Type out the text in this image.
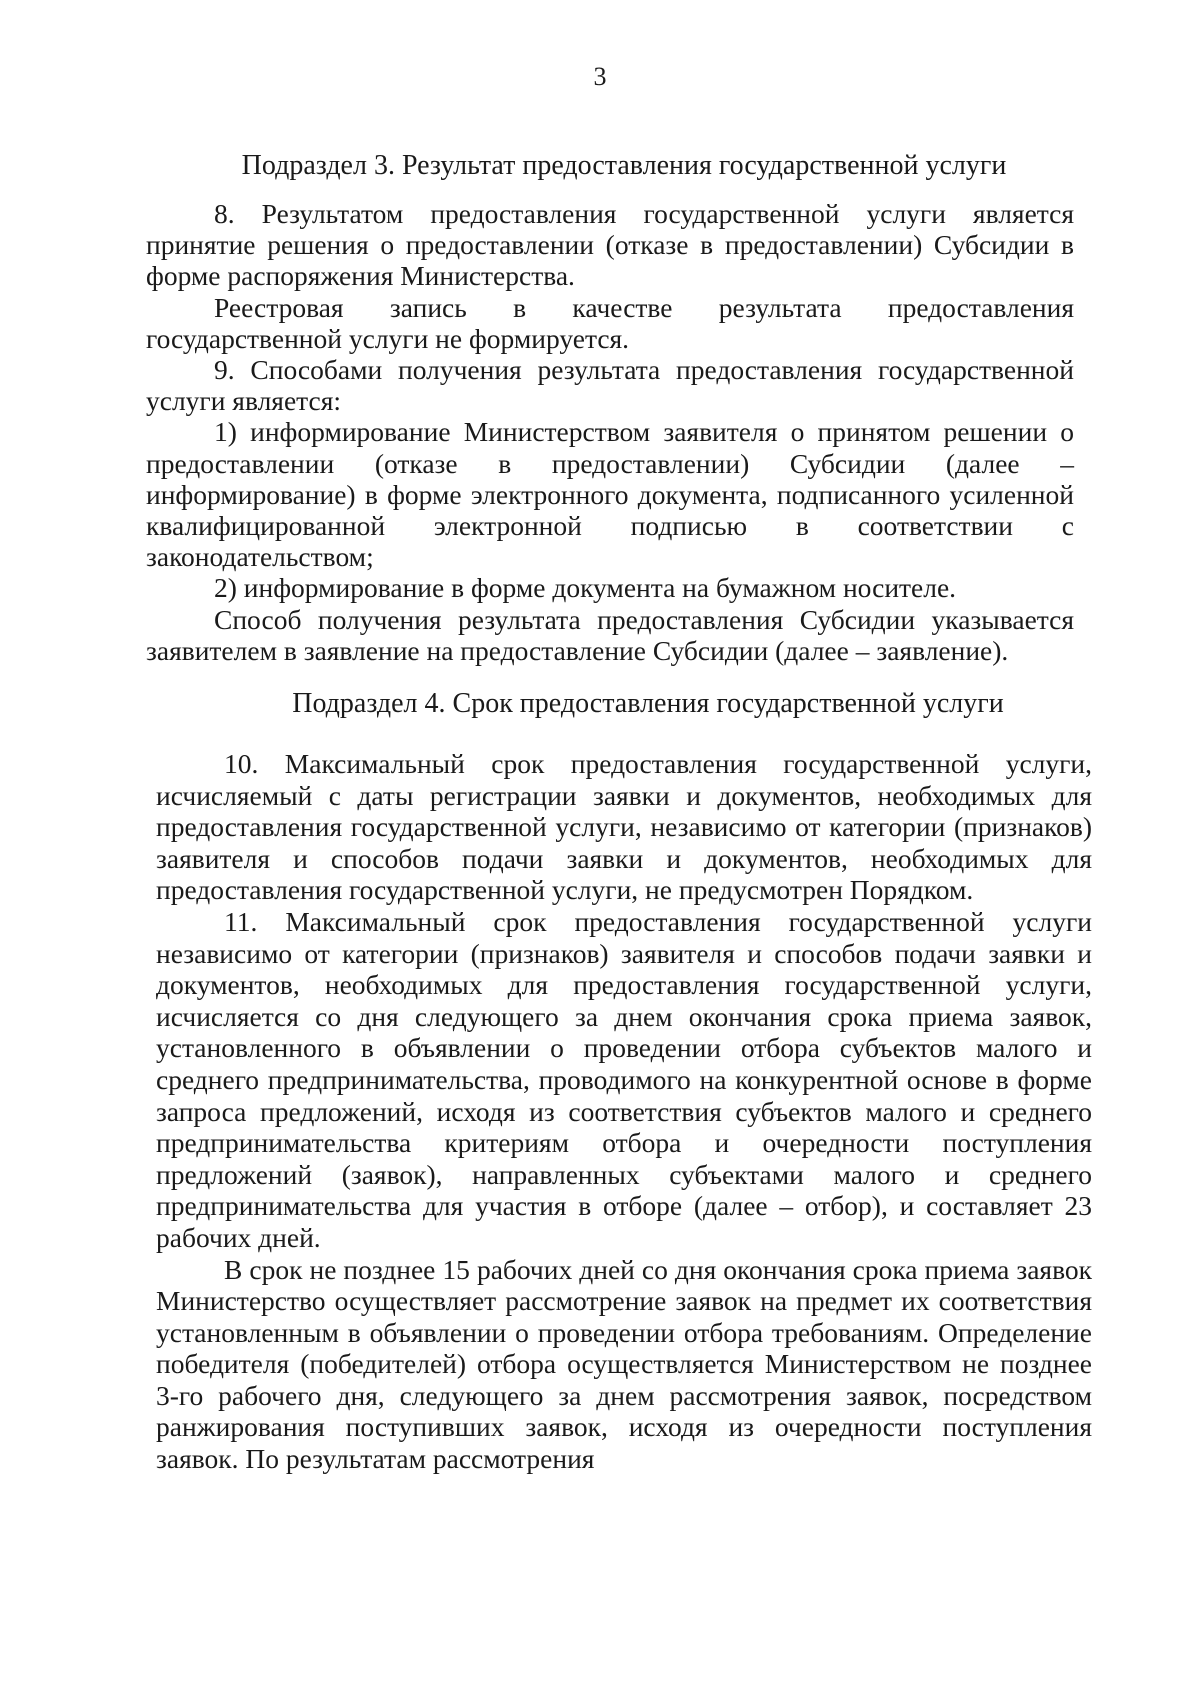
3
Подраздел 3. Результат предоставления государственной услуги

8. Результатом предоставления государственной услуги является принятие решения о предоставлении (отказе в предоставлении) Субсидии в форме распоряжения Министерства.

Реестровая запись в качестве результата предоставления государственной услуги не формируется.

9. Способами получения результата предоставления государственной услуги является:

1) информирование Министерством заявителя о принятом решении о предоставлении (отказе в предоставлении) Субсидии (далее – информирование) в форме электронного документа, подписанного усиленной квалифицированной электронной подписью в соответствии с законодательством;

2) информирование в форме документа на бумажном носителе.

Способ получения результата предоставления Субсидии указывается заявителем в заявление на предоставление Субсидии (далее – заявление).

Подраздел 4. Срок предоставления государственной услуги

10. Максимальный срок предоставления государственной услуги, исчисляемый с даты регистрации заявки и документов, необходимых для предоставления государственной услуги, независимо от категории (признаков) заявителя и способов подачи заявки и документов, необходимых для предоставления государственной услуги, не предусмотрен Порядком.

11. Максимальный срок предоставления государственной услуги независимо от категории (признаков) заявителя и способов подачи заявки и документов, необходимых для предоставления государственной услуги, исчисляется со дня следующего за днем окончания срока приема заявок, установленного в объявлении о проведении отбора субъектов малого и среднего предпринимательства, проводимого на конкурентной основе в форме запроса предложений, исходя из соответствия субъектов малого и среднего предпринимательства критериям отбора и очередности поступления предложений (заявок), направленных субъектами малого и среднего предпринимательства для участия в отборе (далее – отбор), и составляет 23 рабочих дней.

В срок не позднее 15 рабочих дней со дня окончания срока приема заявок Министерство осуществляет рассмотрение заявок на предмет их соответствия установленным в объявлении о проведении отбора требованиям. Определение победителя (победителей) отбора осуществляется Министерством не позднее 3-го рабочего дня, следующего за днем рассмотрения заявок, посредством ранжирования поступивших заявок, исходя из очередности поступления заявок. По результатам рассмотрения
